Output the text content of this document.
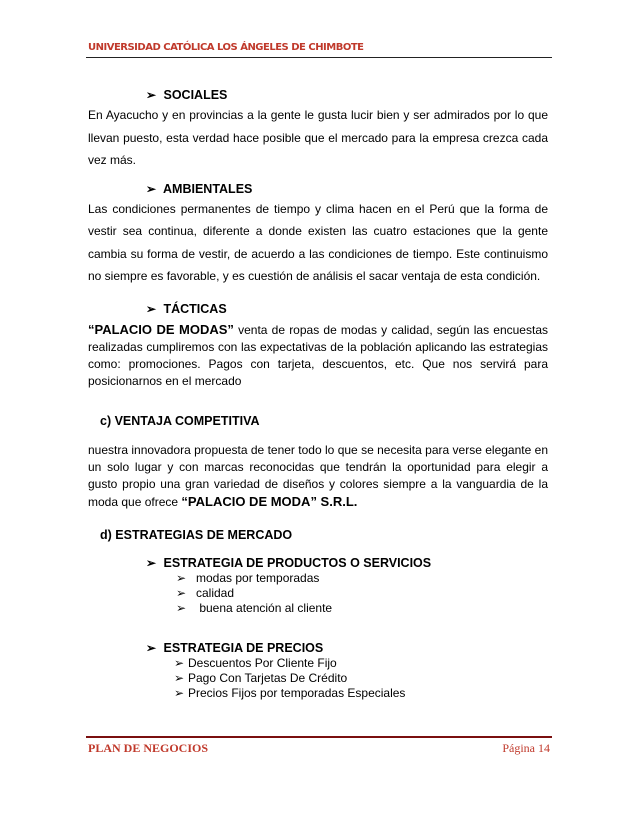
UNIVERSIDAD CATÓLICA LOS ÁNGELES DE CHIMBOTE
➢ SOCIALES

En Ayacucho y en provincias a la gente le gusta lucir bien y ser admirados por lo que llevan puesto, esta verdad hace posible que el mercado para la empresa crezca cada vez más.

➢ AMBIENTALES

Las condiciones permanentes de tiempo y clima hacen en el Perú que la forma de vestir sea continua, diferente a donde existen las cuatro estaciones que la gente cambia su forma de vestir, de acuerdo a las condiciones de tiempo. Este continuismo no siempre es favorable, y es cuestión de análisis el sacar ventaja de esta condición.

➢ TÁCTICAS

“PALACIO DE MODAS” venta de ropas de modas y calidad, según las encuestas realizadas cumpliremos con las expectativas de la población aplicando las estrategias como: promociones. Pagos con tarjeta, descuentos, etc. Que nos servirá para posicionarnos en el mercado

c) VENTAJA COMPETITIVA

nuestra innovadora propuesta de tener todo lo que se necesita para verse elegante en un solo lugar y con marcas reconocidas que tendrán la oportunidad para elegir a gusto propio una gran variedad de diseños y colores siempre a la vanguardia de la moda que ofrece “PALACIO DE MODA” S.R.L.

d) ESTRATEGIAS DE MERCADO
➢ ESTRATEGIA DE PRODUCTOS O SERVICIOS
➢ modas por temporadas
➢ calidad
➢ buena atención al cliente
➢ ESTRATEGIA DE PRECIOS
➢ Descuentos Por Cliente Fijo
➢ Pago Con Tarjetas De Crédito
➢ Precios Fijos por temporadas Especiales
PLAN DE NEGOCIOS	Página 14
